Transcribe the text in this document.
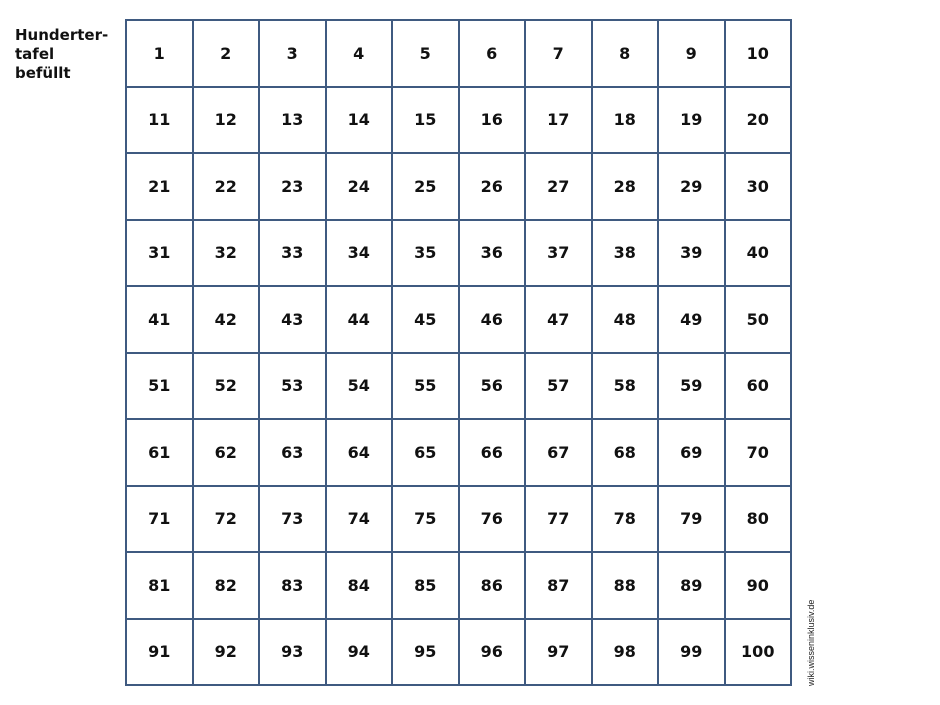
Hunderter-
tafel
befüllt
1	2	3	4	5	6	7	8	9	10
11	12	13	14	15	16	17	18	19	20
21	22	23	24	25	26	27	28	29	30
31	32	33	34	35	36	37	38	39	40
41	42	43	44	45	46	47	48	49	50
51	52	53	54	55	56	57	58	59	60
61	62	63	64	65	66	67	68	69	70
71	72	73	74	75	76	77	78	79	80
81	82	83	84	85	86	87	88	89	90
91	92	93	94	95	96	97	98	99	100	wiki.wisseninklusiv.de
